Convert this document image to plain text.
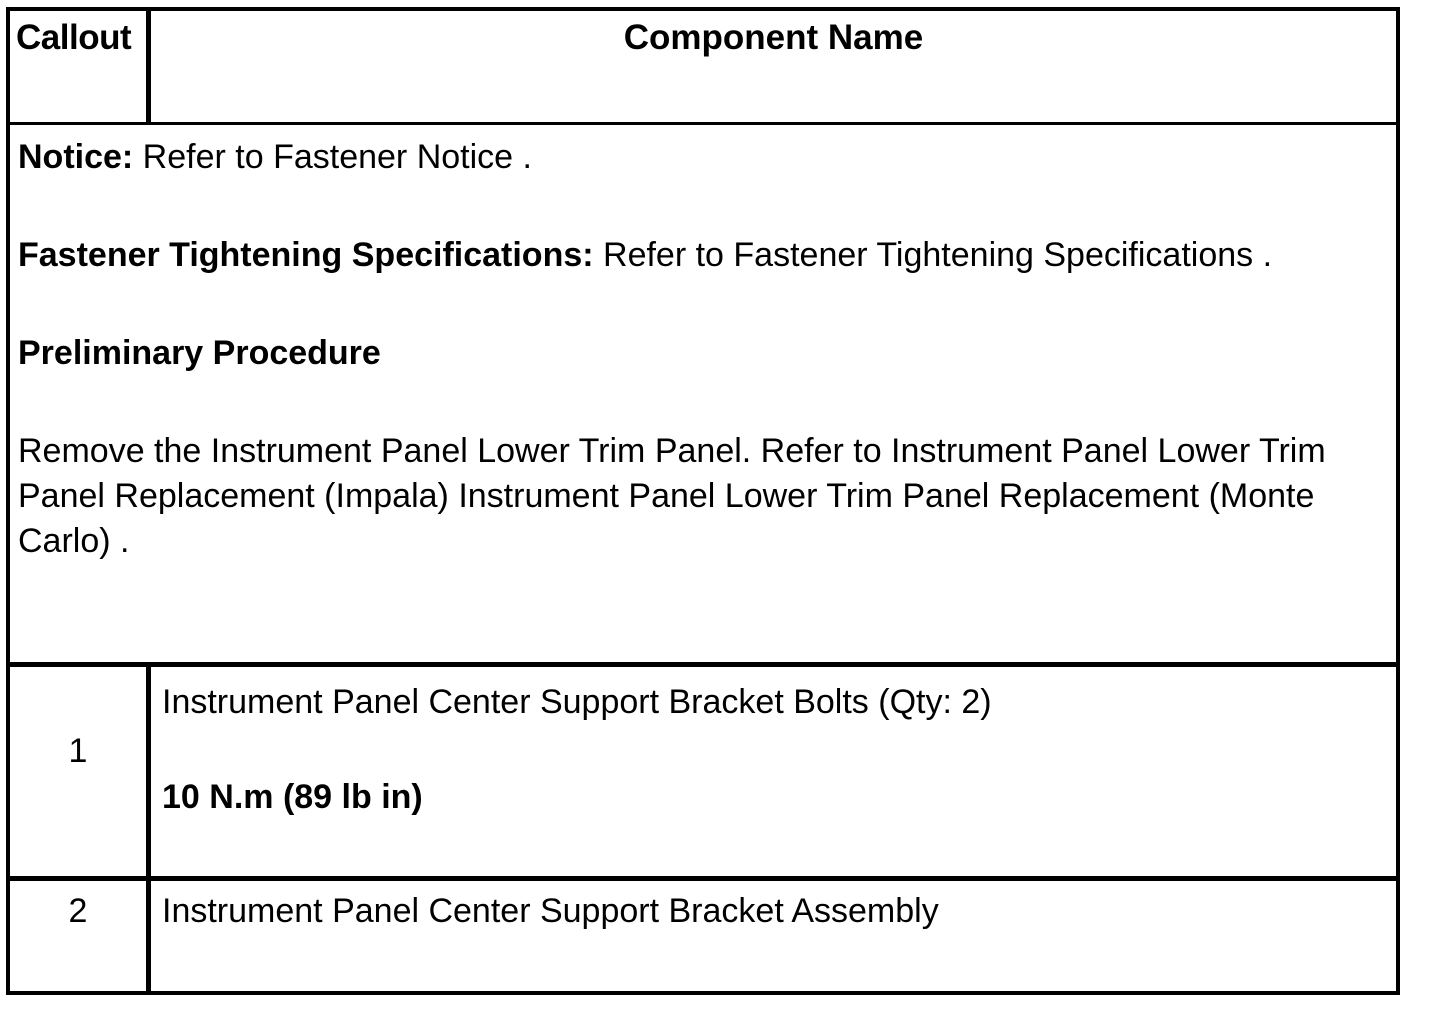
Callout	Component Name

Notice: Refer to Fastener Notice .

Fastener Tightening Specifications: Refer to Fastener Tightening Specifications .

Preliminary Procedure

Remove the Instrument Panel Lower Trim Panel. Refer to Instrument Panel Lower Trim Panel Replacement (Impala) Instrument Panel Lower Trim Panel Replacement (Monte Carlo) .

1
Instrument Panel Center Support Bracket Bolts (Qty: 2)
10 N.m (89 lb in)
2	Instrument Panel Center Support Bracket Assembly
